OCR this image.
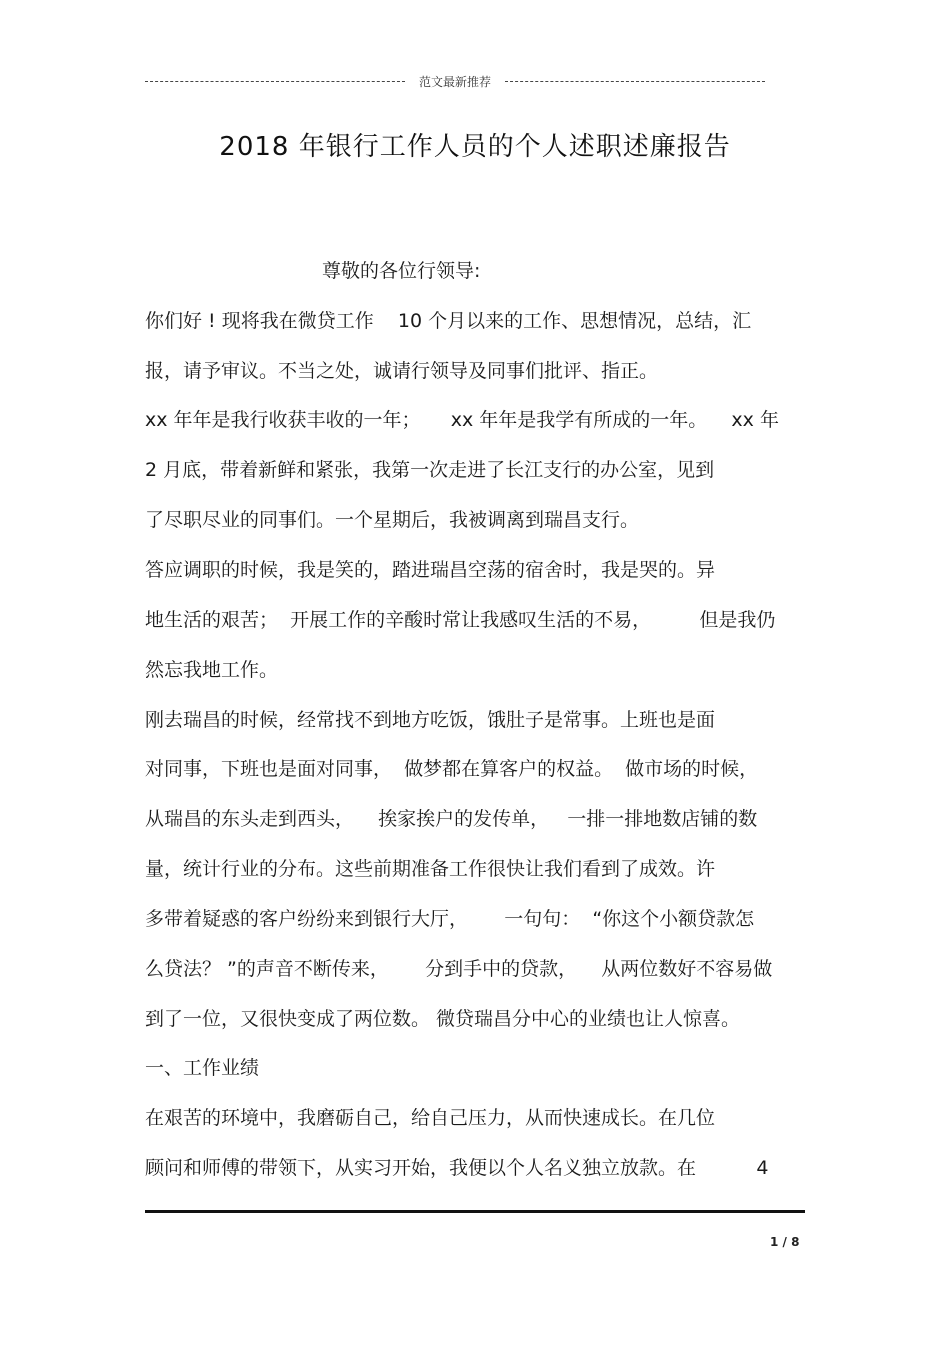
范文最新推荐
2018 年银行工作人员的个人述职述廉报告
尊敬的各位行领导:
你们好 ! 现将我在微贷工作    10 个月以来的工作、思想情况，总结，汇
报，请予审议。不当之处，诚请行领导及同事们批评、指正。
xx 年年是我行收获丰收的一年；     xx 年年是我学有所成的一年。    xx 年
2 月底，带着新鲜和紧张，我第一次走进了长江支行的办公室，见到
了尽职尽业的同事们。一个星期后，我被调离到瑞昌支行。
答应调职的时候，我是笑的，踏进瑞昌空荡的宿舍时，我是哭的。异
地生活的艰苦；  开展工作的辛酸时常让我感叹生活的不易，        但是我仍
然忘我地工作。
刚去瑞昌的时候，经常找不到地方吃饭，饿肚子是常事。上班也是面
对同事，下班也是面对同事，  做梦都在算客户的权益。  做市场的时候，
从瑞昌的东头走到西头，    挨家挨户的发传单，   一排一排地数店铺的数
量，统计行业的分布。这些前期准备工作很快让我们看到了成效。许
多带着疑惑的客户纷纷来到银行大厅，      一句句：  “你这个小额贷款怎
么贷法？ ”的声音不断传来，      分到手中的贷款，    从两位数好不容易做
到了一位，又很快变成了两位数。 微贷瑞昌分中心的业绩也让人惊喜。
一、工作业绩
在艰苦的环境中，我磨砺自己，给自己压力，从而快速成长。在几位
顾问和师傅的带领下，从实习开始，我便以个人名义独立放款。在          4
1 / 8
